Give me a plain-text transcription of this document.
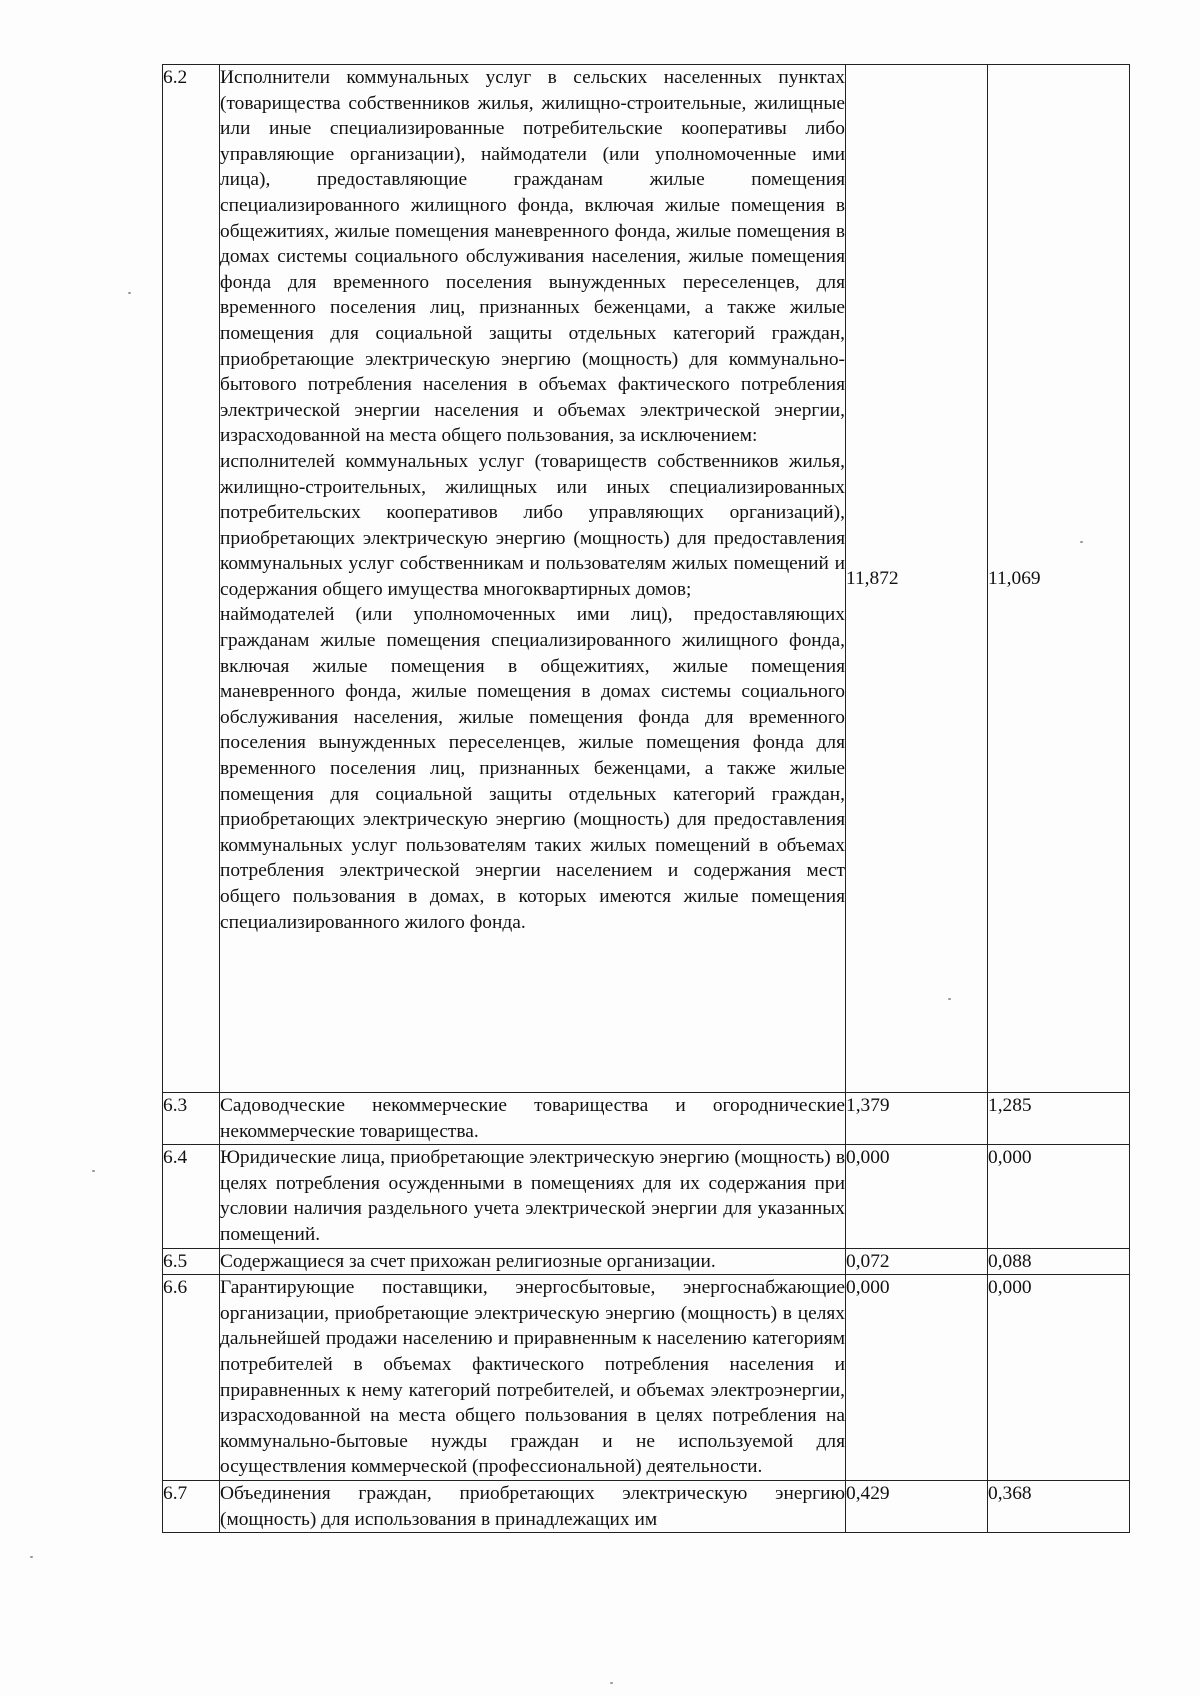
6.2	Исполнители коммунальных услуг в сельских населенных пунктах (товарищества собственников жилья, жилищно-строительные, жилищные или иные специализированные потребительские кооперативы либо управляющие организации), наймодатели (или уполномоченные ими лица), предоставляющие гражданам жилые помещения специализированного жилищного фонда, включая жилые помещения в общежитиях, жилые помещения маневренного фонда, жилые помещения в домах системы социального обслуживания населения, жилые помещения фонда для временного поселения вынужденных переселенцев, для временного поселения лиц, признанных беженцами, а также жилые помещения для социальной защиты отдельных категорий граждан, приобретающие электрическую энергию (мощность) для коммунально-бытового потребления населения в объемах фактического потребления электрической энергии населения и объемах электрической энергии, израсходованной на места общего пользования, за исключением:

исполнителей коммунальных услуг (товариществ собственников жилья, жилищно-строительных, жилищных или иных специализированных потребительских кооперативов либо управляющих организаций), приобретающих электрическую энергию (мощность) для предоставления коммунальных услуг собственникам и пользователям жилых помещений и содержания общего имущества многоквартирных домов;

наймодателей (или уполномоченных ими лиц), предоставляющих гражданам жилые помещения специализированного жилищного фонда, включая жилые помещения в общежитиях, жилые помещения маневренного фонда, жилые помещения в домах системы социального обслуживания населения, жилые помещения фонда для временного поселения вынужденных переселенцев, жилые помещения фонда для временного поселения лиц, признанных беженцами, а также жилые помещения для социальной защиты отдельных категорий граждан, приобретающих электрическую энергию (мощность) для предоставления коммунальных услуг пользователям таких жилых помещений в объемах потребления электрической энергии населением и содержания мест общего пользования в домах, в которых имеются жилые помещения специализированного жилого фонда.	11,872	11,069

6.3	Садоводческие некоммерческие товарищества и огороднические некоммерческие товарищества.	1,379	1,285

6.4	Юридические лица, приобретающие электрическую энергию (мощность) в целях потребления осужденными в помещениях для их содержания при условии наличия раздельного учета электрической энергии для указанных помещений.	0,000	0,000

6.5	Содержащиеся за счет прихожан религиозные организации.	0,072	0,088

6.6	Гарантирующие поставщики, энергосбытовые, энергоснабжающие организации, приобретающие электрическую энергию (мощность) в целях дальнейшей продажи населению и приравненным к населению категориям потребителей в объемах фактического потребления населения и приравненных к нему категорий потребителей, и объемах электроэнергии, израсходованной на места общего пользования в целях потребления на коммунально-бытовые нужды граждан и не используемой для осуществления коммерческой (профессиональной) деятельности.	0,000	0,000

6.7	Объединения граждан, приобретающих электрическую энергию (мощность) для использования в принадлежащих им	0,429	0,368
